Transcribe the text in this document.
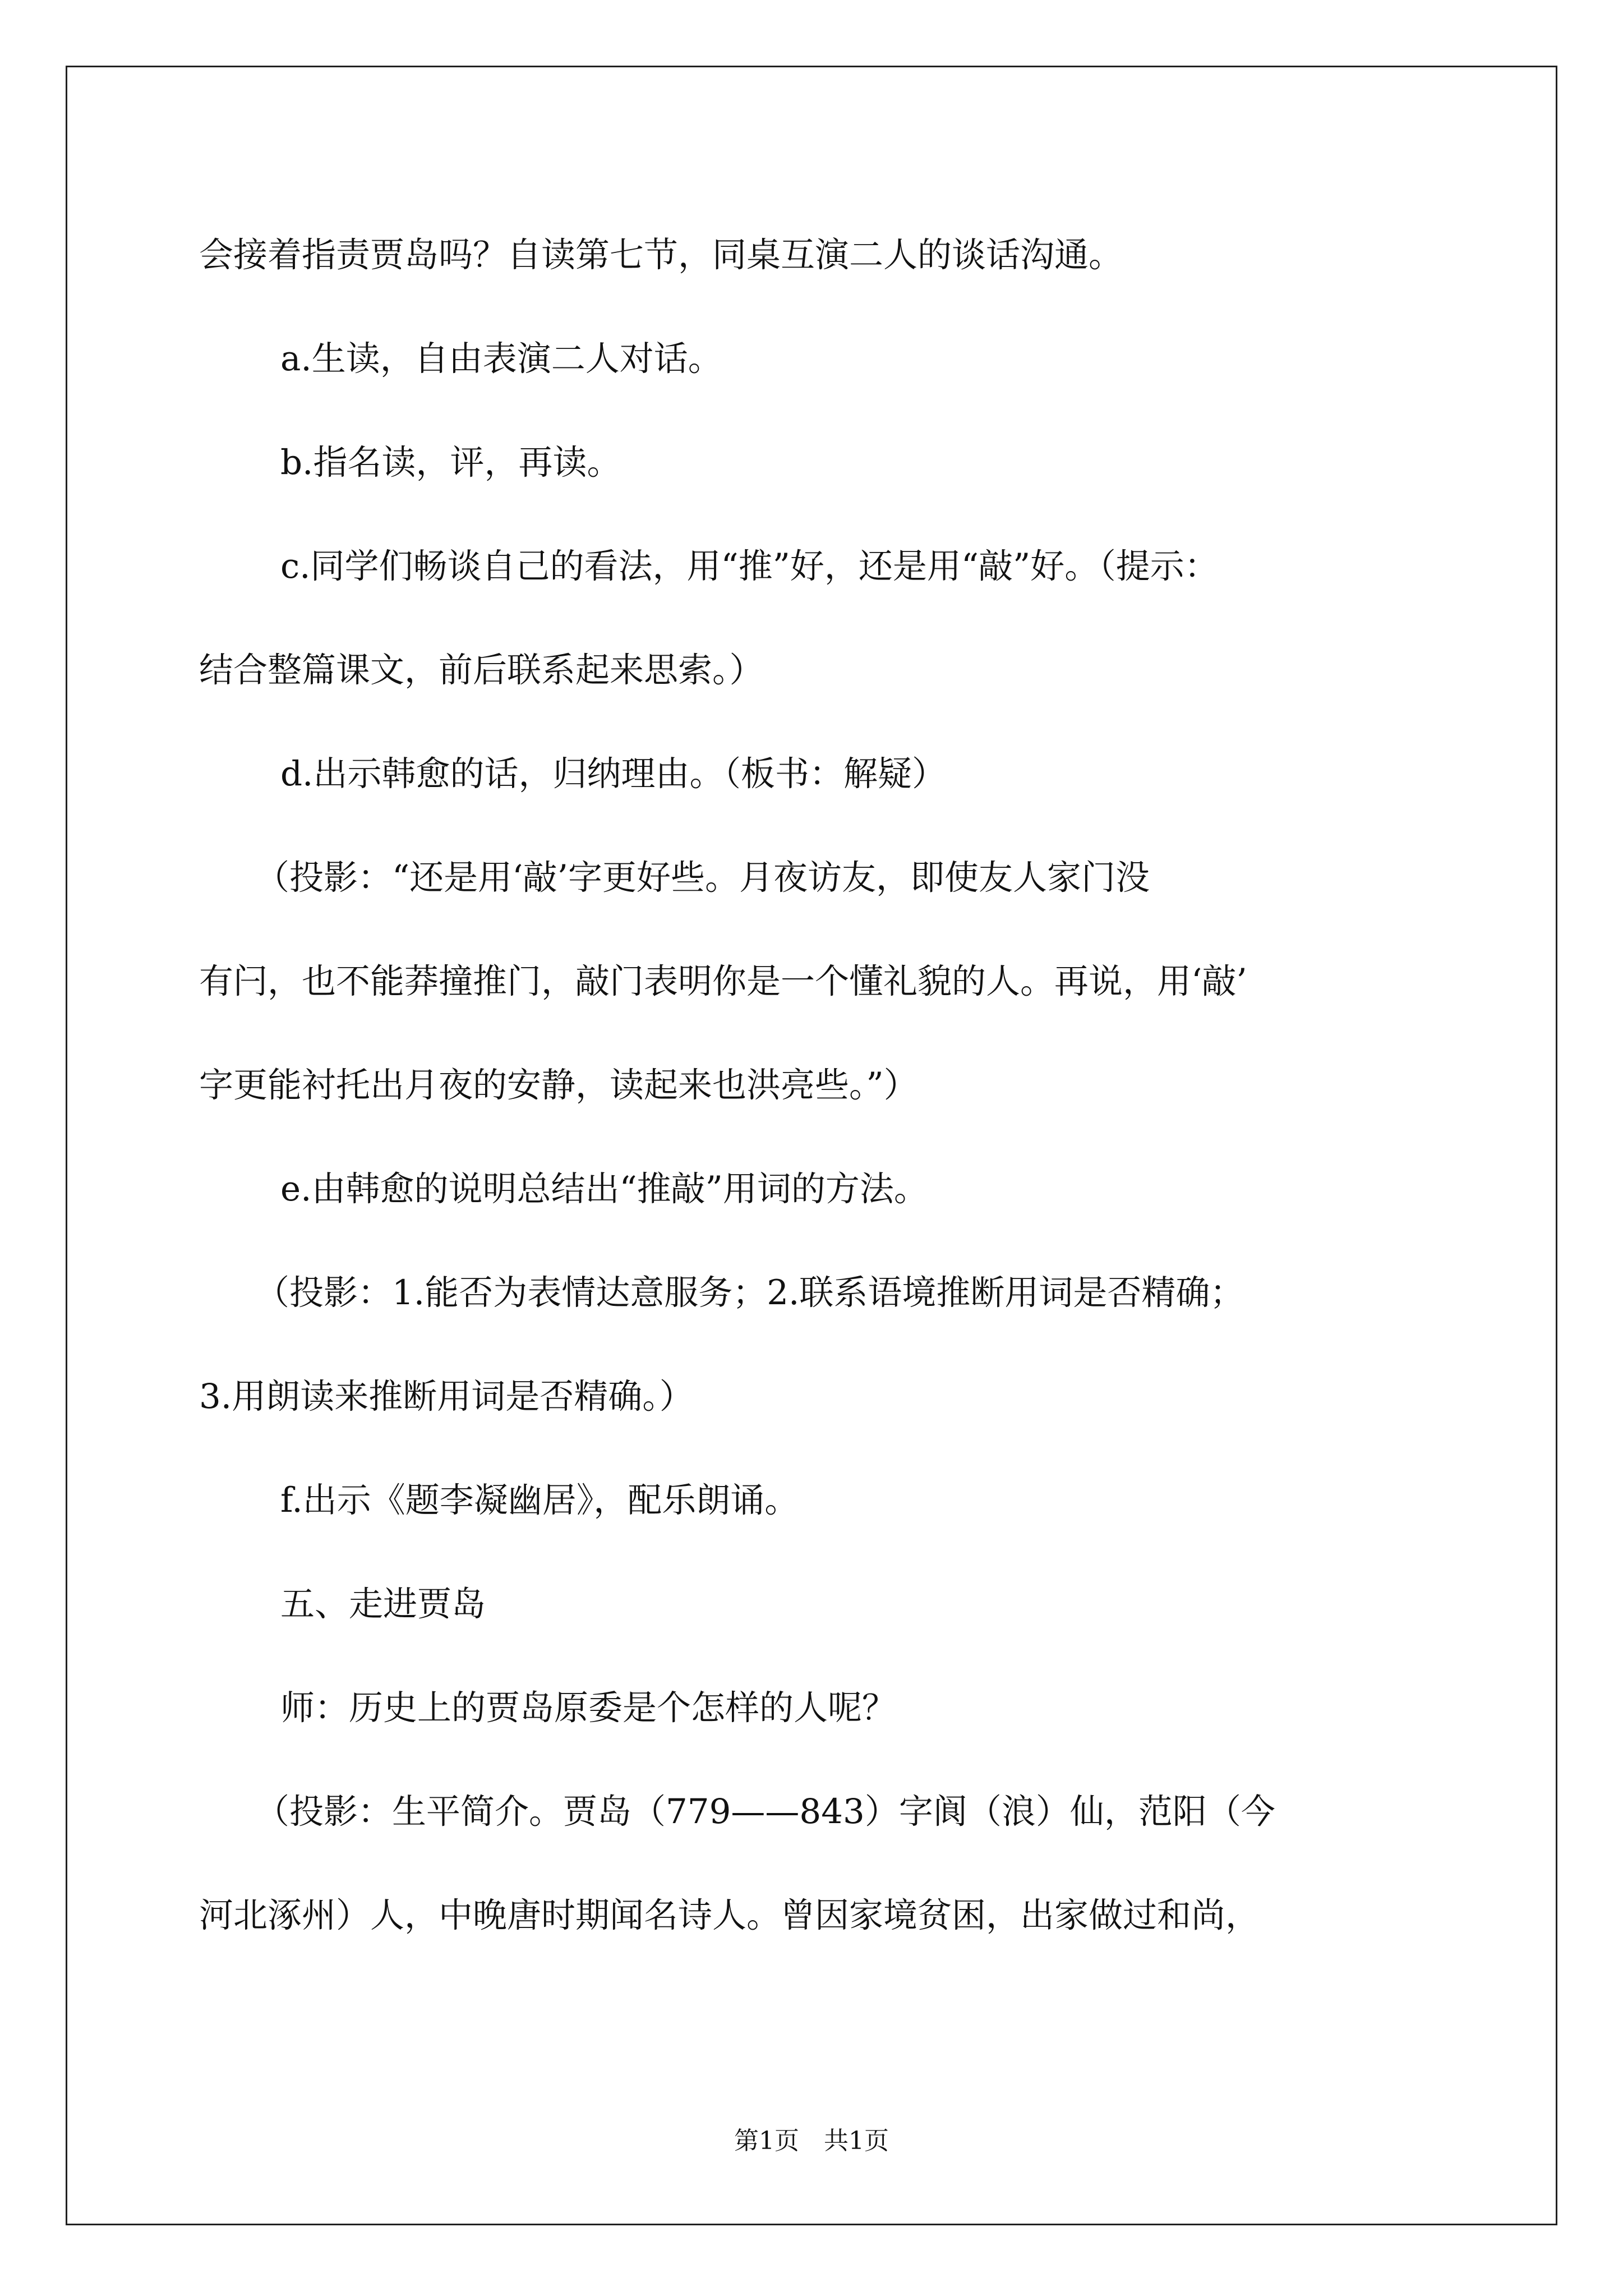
会接着指责贾岛吗？自读第七节，同桌互演二人的谈话沟通。

a.生读，自由表演二人对话。

b.指名读，评，再读。

c.同学们畅谈自己的看法，用“推”好，还是用“敲”好。（提示：

结合整篇课文，前后联系起来思索。）

d.出示韩愈的话，归纳理由。（板书：解疑）

（投影：“还是用‘敲’字更好些。月夜访友，即使友人家门没

有闩，也不能莽撞推门，敲门表明你是一个懂礼貌的人。再说，用‘敲’

字更能衬托出月夜的安静，读起来也洪亮些。”）

e.由韩愈的说明总结出“推敲”用词的方法。

（投影：1.能否为表情达意服务；2.联系语境推断用词是否精确；

3.用朗读来推断用词是否精确。）

f.出示《题李凝幽居》，配乐朗诵。

五、走进贾岛

师：历史上的贾岛原委是个怎样的人呢？

（投影：生平简介。贾岛（779——843）字阆（浪）仙，范阳（今

河北涿州）人，中晚唐时期闻名诗人。曾因家境贫困，出家做过和尚，

第1页　共1页
